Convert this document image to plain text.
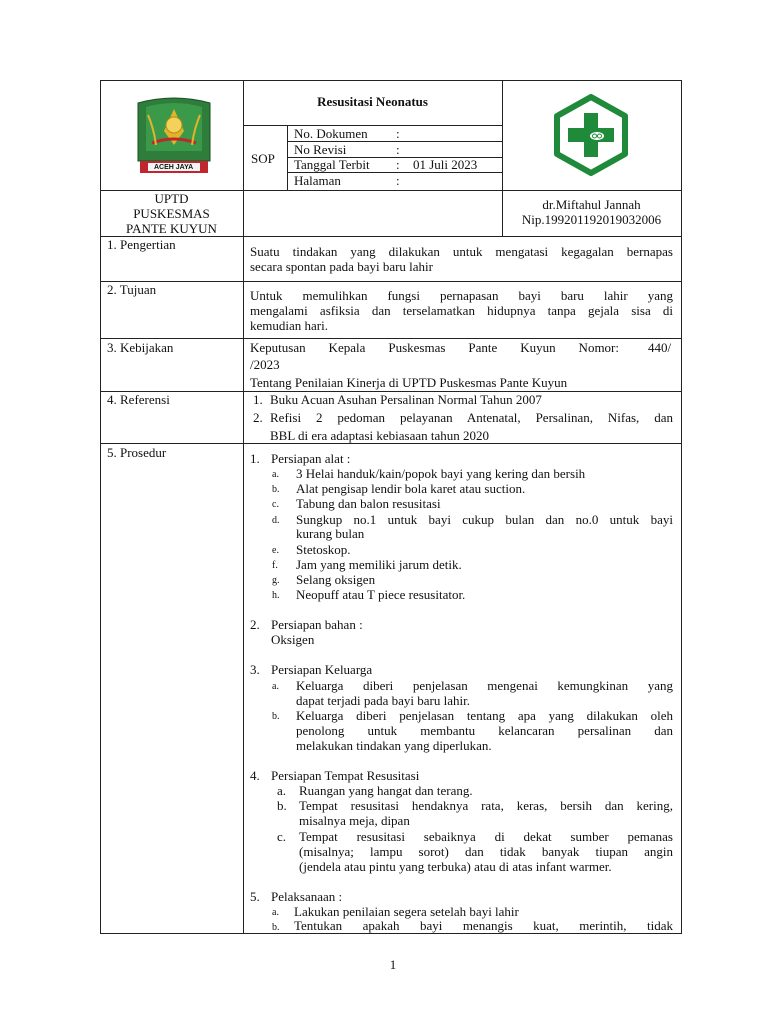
ACEH JAYA
Resusitasi Neonatus
SOP
No. Dokumen :
No Revisi	:
Tanggal Terbit : 01 Juli 2023
Halaman	:
UPTD
PUSKESMAS
PANTE KUYUN
dr.Miftahul Jannah
Nip.199201192019032006
1. Pengertian	Suatu tindakan yang dilakukan untuk mengatasi kegagalan bernapas
secara spontan pada bayi baru lahir
2. Tujuan	Untuk memulihkan fungsi pernapasan bayi baru lahir yang
mengalami asfiksia dan terselamatkan hidupnya tanpa gejala sisa di
kemudian hari.
3. Kebijakan	Keputusan Kepala Puskesmas Pante Kuyun Nomor: 440/
/2023
Tentang Penilaian Kinerja di UPTD Puskesmas Pante Kuyun
4. Referensi	1. Buku Acuan Asuhan Persalinan Normal Tahun 2007
2. Refisi 2 pedoman pelayanan Antenatal, Persalinan, Nifas, dan
BBL di era adaptasi kebiasaan tahun 2020
5. Prosedur	1. Persiapan alat :
a. 3 Helai handuk/kain/popok bayi yang kering dan bersih
b. Alat pengisap lendir bola karet atau suction.
c. Tabung dan balon resusitasi
d. Sungkup no.1 untuk bayi cukup bulan dan no.0 untuk bayi
kurang bulan
e. Stetoskop.
f. Jam yang memiliki jarum detik.
g. Selang oksigen
h. Neopuff atau T piece resusitator.
2. Persiapan bahan :
Oksigen
3. Persiapan Keluarga
a. Keluarga diberi penjelasan mengenai kemungkinan yang
dapat terjadi pada bayi baru lahir.
b. Keluarga diberi penjelasan tentang apa yang dilakukan oleh
penolong untuk membantu kelancaran persalinan dan
melakukan tindakan yang diperlukan.
4. Persiapan Tempat Resusitasi
a. Ruangan yang hangat dan terang.
b. Tempat resusitasi hendaknya rata, keras, bersih dan kering,
misalnya meja, dipan
c. Tempat resusitasi sebaiknya di dekat sumber pemanas
(misalnya; lampu sorot) dan tidak banyak tiupan angin
(jendela atau pintu yang terbuka) atau di atas infant warmer.
5. Pelaksanaan :
a. Lakukan penilaian segera setelah bayi lahir
b. Tentukan apakah bayi menangis kuat, merintih, tidak
1
